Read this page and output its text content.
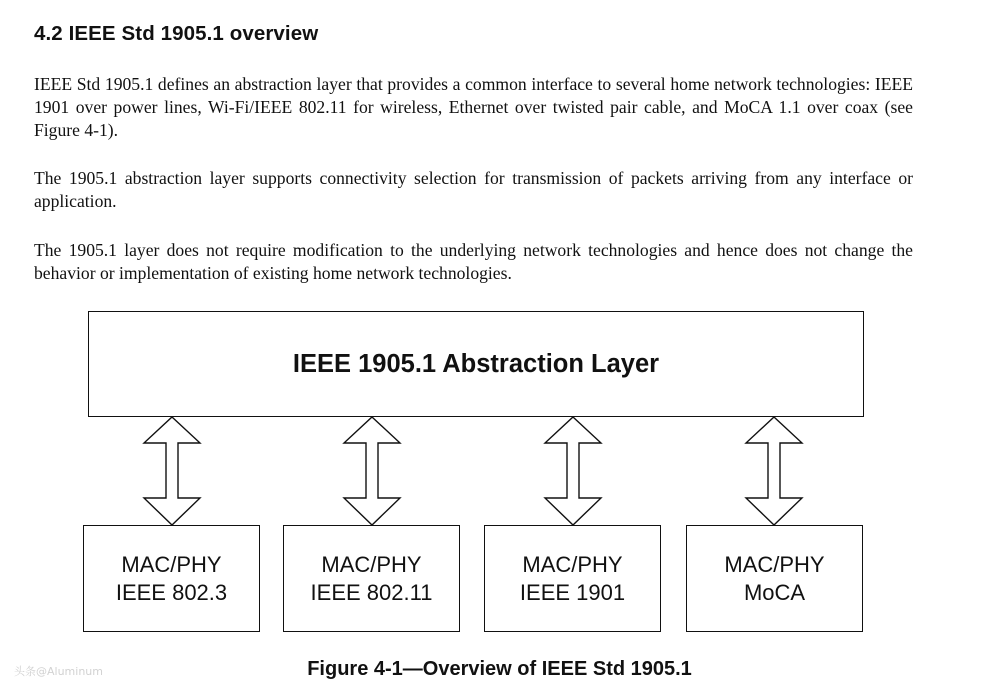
4.2 IEEE Std 1905.1 overview

IEEE Std 1905.1 defines an abstraction layer that provides a common interface to several home network technologies: IEEE 1901 over power lines, Wi-Fi/IEEE 802.11 for wireless, Ethernet over twisted pair cable, and MoCA 1.1 over coax (see Figure 4-1).

The 1905.1 abstraction layer supports connectivity selection for transmission of packets arriving from any interface or application.

The 1905.1 layer does not require modification to the underlying network technologies and hence does not change the behavior or implementation of existing home network technologies.

IEEE 1905.1 Abstraction Layer
MAC/PHY
IEEE 802.3
MAC/PHY
IEEE 802.11
MAC/PHY
IEEE 1901
MAC/PHY
MoCA
头条@Aluminum	Figure 4-1—Overview of IEEE Std 1905.1
